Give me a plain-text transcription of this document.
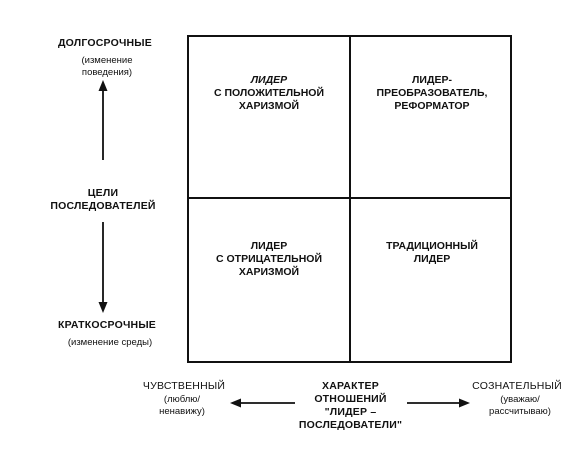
ЛИДЕР
С ПОЛОЖИТЕЛЬНОЙ
ХАРИЗМОЙ
ЛИДЕР-
ПРЕОБРАЗОВАТЕЛЬ,
РЕФОРМАТОР
ЛИДЕР
С ОТРИЦАТЕЛЬНОЙ
ХАРИЗМОЙ
ТРАДИЦИОННЫЙ
ЛИДЕР
ДОЛГОСРОЧНЫЕ
(изменение
поведения)
ЦЕЛИ
ПОСЛЕДОВАТЕЛЕЙ
КРАТКОСРОЧНЫЕ
(изменение среды)
ЧУВСТВЕННЫЙ
(люблю/
ненавижу)
ХАРАКТЕР
ОТНОШЕНИЙ
"ЛИДЕР –
ПОСЛЕДОВАТЕЛИ"
СОЗНАТЕЛЬНЫЙ
(уважаю/
рассчитываю)
